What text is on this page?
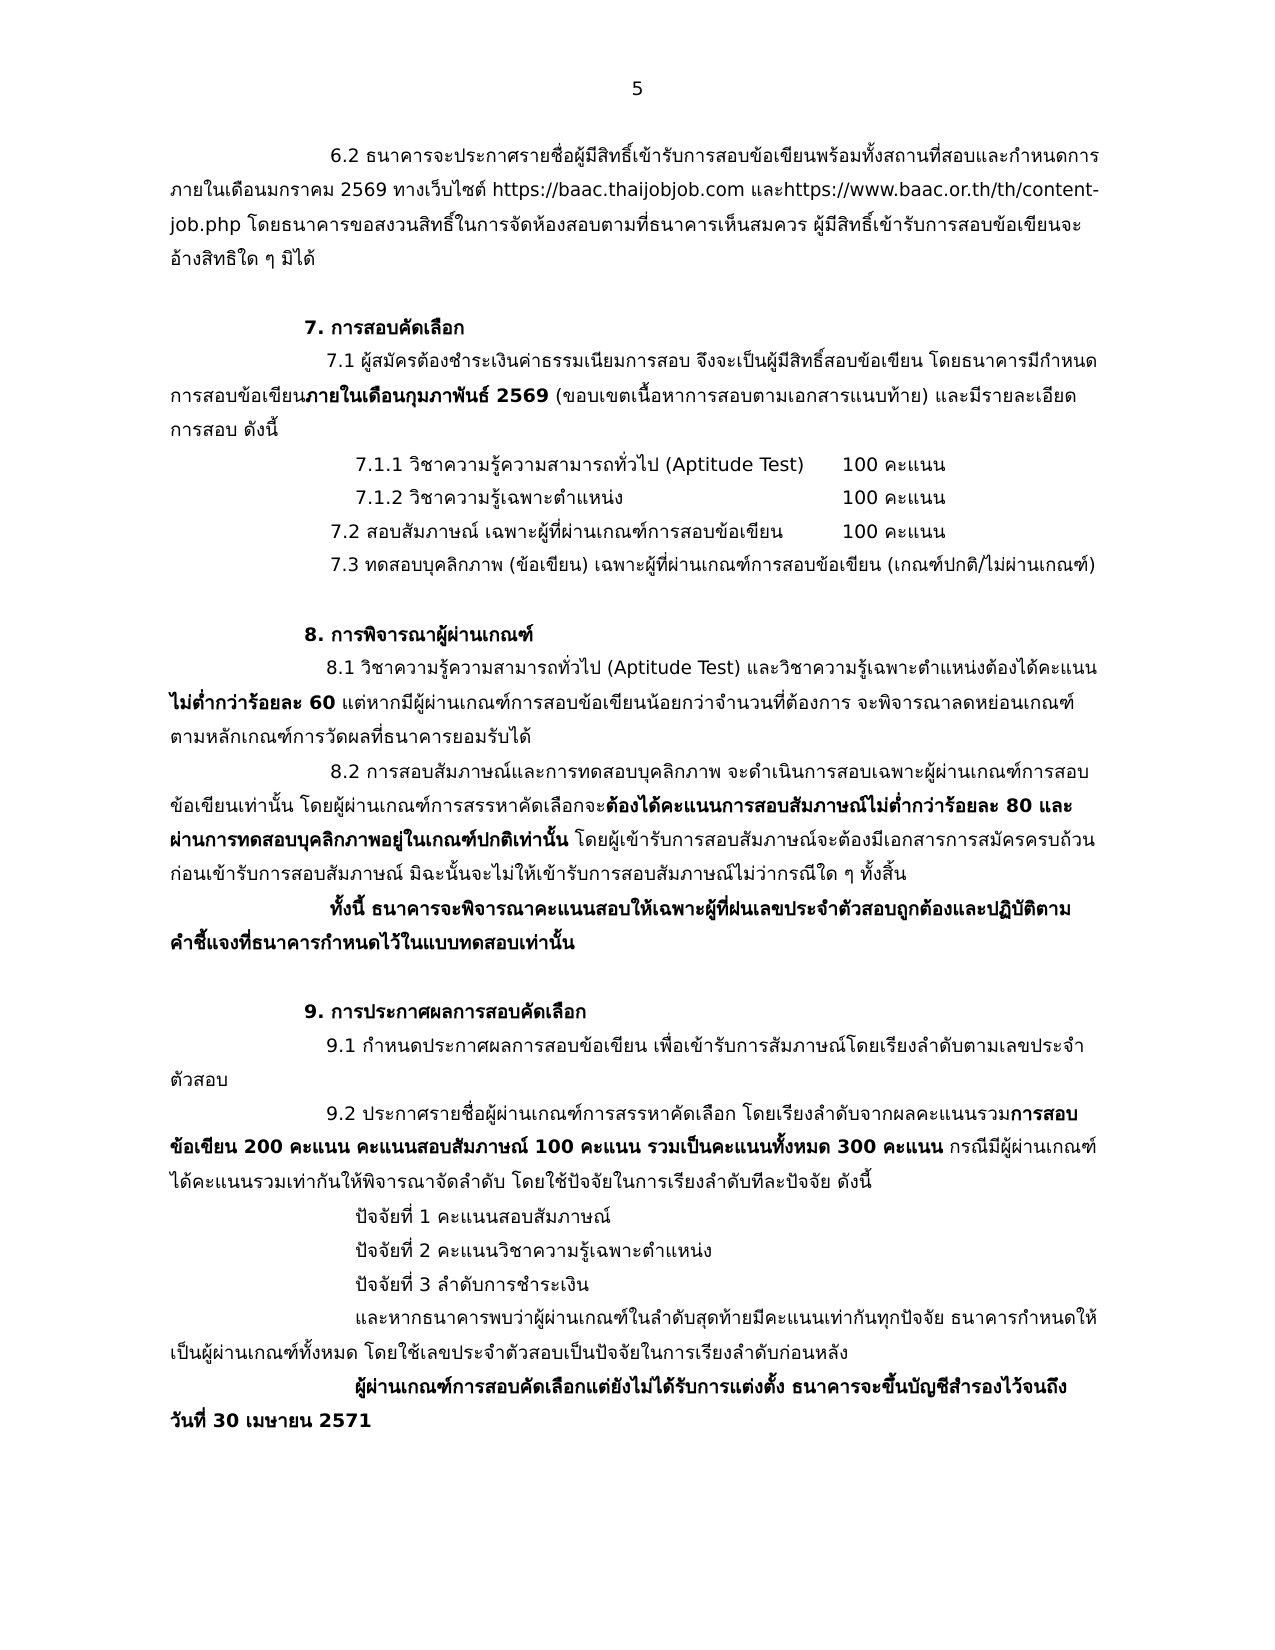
5
6.2 ธนาคารจะประกาศรายชื่อผู้มีสิทธิ์เข้ารับการสอบข้อเขียนพร้อมทั้งสถานที่สอบและกำหนดการ
ภายในเดือนมกราคม 2569 ทางเว็บไซต์ https://baac.thaijobjob.com และhttps://www.baac.or.th/th/content-
job.php โดยธนาคารขอสงวนสิทธิ์ในการจัดห้องสอบตามที่ธนาคารเห็นสมควร ผู้มีสิทธิ์เข้ารับการสอบข้อเขียนจะ
อ้างสิทธิใด ๆ มิได้
7. การสอบคัดเลือก
7.1 ผู้สมัครต้องชำระเงินค่าธรรมเนียมการสอบ จึงจะเป็นผู้มีสิทธิ์สอบข้อเขียน โดยธนาคารมีกำหนด
การสอบข้อเขียนภายในเดือนกุมภาพันธ์ 2569 (ขอบเขตเนื้อหาการสอบตามเอกสารแนบท้าย) และมีรายละเอียด
การสอบ ดังนี้
7.1.1 วิชาความรู้ความสามารถทั่วไป (Aptitude Test) 100 คะแนน
7.1.2 วิชาความรู้เฉพาะตำแหน่ง	100 คะแนน
7.2 สอบสัมภาษณ์ เฉพาะผู้ที่ผ่านเกณฑ์การสอบข้อเขียน	100 คะแนน
7.3 ทดสอบบุคลิกภาพ (ข้อเขียน) เฉพาะผู้ที่ผ่านเกณฑ์การสอบข้อเขียน (เกณฑ์ปกติ/ไม่ผ่านเกณฑ์)
8. การพิจารณาผู้ผ่านเกณฑ์
8.1 วิชาความรู้ความสามารถทั่วไป (Aptitude Test) และวิชาความรู้เฉพาะตำแหน่งต้องได้คะแนน
ไม่ต่ำกว่าร้อยละ 60 แต่หากมีผู้ผ่านเกณฑ์การสอบข้อเขียนน้อยกว่าจำนวนที่ต้องการ จะพิจารณาลดหย่อนเกณฑ์
ตามหลักเกณฑ์การวัดผลที่ธนาคารยอมรับได้
8.2 การสอบสัมภาษณ์และการทดสอบบุคลิกภาพ จะดำเนินการสอบเฉพาะผู้ผ่านเกณฑ์การสอบ
ข้อเขียนเท่านั้น โดยผู้ผ่านเกณฑ์การสรรหาคัดเลือกจะต้องได้คะแนนการสอบสัมภาษณ์ไม่ต่ำกว่าร้อยละ 80 และ
ผ่านการทดสอบบุคลิกภาพอยู่ในเกณฑ์ปกติเท่านั้น โดยผู้เข้ารับการสอบสัมภาษณ์จะต้องมีเอกสารการสมัครครบถ้วน
ก่อนเข้ารับการสอบสัมภาษณ์ มิฉะนั้นจะไม่ให้เข้ารับการสอบสัมภาษณ์ไม่ว่ากรณีใด ๆ ทั้งสิ้น
ทั้งนี้ ธนาคารจะพิจารณาคะแนนสอบให้เฉพาะผู้ที่ฝนเลขประจำตัวสอบถูกต้องและปฏิบัติตาม
คำชี้แจงที่ธนาคารกำหนดไว้ในแบบทดสอบเท่านั้น
9. การประกาศผลการสอบคัดเลือก
9.1 กำหนดประกาศผลการสอบข้อเขียน เพื่อเข้ารับการสัมภาษณ์โดยเรียงลำดับตามเลขประจำ
ตัวสอบ
9.2 ประกาศรายชื่อผู้ผ่านเกณฑ์การสรรหาคัดเลือก โดยเรียงลำดับจากผลคะแนนรวมการสอบ
ข้อเขียน 200 คะแนน คะแนนสอบสัมภาษณ์ 100 คะแนน รวมเป็นคะแนนทั้งหมด 300 คะแนน กรณีมีผู้ผ่านเกณฑ์
ได้คะแนนรวมเท่ากันให้พิจารณาจัดลำดับ โดยใช้ปัจจัยในการเรียงลำดับทีละปัจจัย ดังนี้
ปัจจัยที่ 1 คะแนนสอบสัมภาษณ์
ปัจจัยที่ 2 คะแนนวิชาความรู้เฉพาะตำแหน่ง
ปัจจัยที่ 3 ลำดับการชำระเงิน
และหากธนาคารพบว่าผู้ผ่านเกณฑ์ในลำดับสุดท้ายมีคะแนนเท่ากันทุกปัจจัย ธนาคารกำหนดให้
เป็นผู้ผ่านเกณฑ์ทั้งหมด โดยใช้เลขประจำตัวสอบเป็นปัจจัยในการเรียงลำดับก่อนหลัง
ผู้ผ่านเกณฑ์การสอบคัดเลือกแต่ยังไม่ได้รับการแต่งตั้ง ธนาคารจะขึ้นบัญชีสำรองไว้จนถึง
วันที่ 30 เมษายน 2571
